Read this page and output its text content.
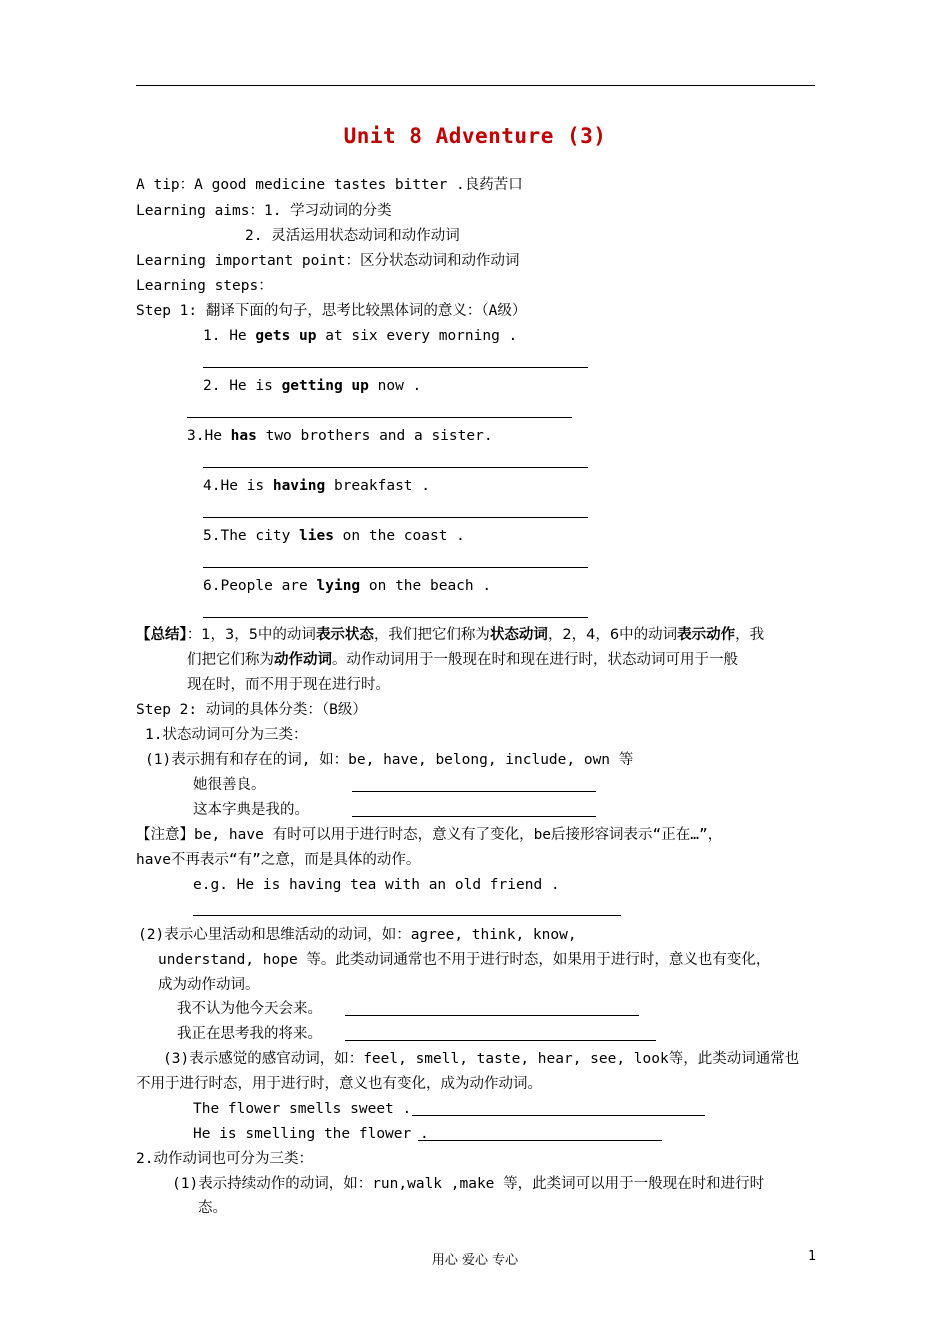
Unit 8 Adventure (3)
A tip：A good medicine tastes bitter .良药苦口
Learning aims：1. 学习动词的分类
2. 灵活运用状态动词和动作动词
Learning important point：区分状态动词和动作动词
Learning steps：
Step 1: 翻译下面的句子，思考比较黑体词的意义：（A级）
1. He gets up at six every morning .
2. He is getting up now .
3.He has two brothers and a sister.
4.He is having breakfast .
5.The city lies on the coast .
6.People are lying on the beach .
【总结】：1，3，5中的动词表示状态，我们把它们称为状态动词，2，4，6中的动词表示动作，我
们把它们称为动作动词。动作动词用于一般现在时和现在进行时，状态动词可用于一般
现在时，而不用于现在进行时。
Step 2: 动词的具体分类：（B级）
1.状态动词可分为三类：
(1)表示拥有和存在的词, 如：be, have, belong, include, own 等
她很善良。
这本字典是我的。
【注意】be, have 有时可以用于进行时态，意义有了变化，be后接形容词表示“正在…”，
have不再表示“有”之意，而是具体的动作。
e.g. He is having tea with an old friend .
(2)表示心里活动和思维活动的动词，如：agree, think, know,
understand, hope 等。此类动词通常也不用于进行时态，如果用于进行时，意义也有变化，
成为动作动词。
我不认为他今天会来。
我正在思考我的将来。
(3)表示感觉的感官动词，如：feel, smell, taste, hear, see, look等，此类动词通常也
不用于进行时态，用于进行时，意义也有变化，成为动作动词。
The flower smells sweet .
He is smelling the flower .
2.动作动词也可分为三类：
(1)表示持续动作的动词，如：run,walk ,make 等，此类词可以用于一般现在时和进行时
态。
用心 爱心 专心	1
